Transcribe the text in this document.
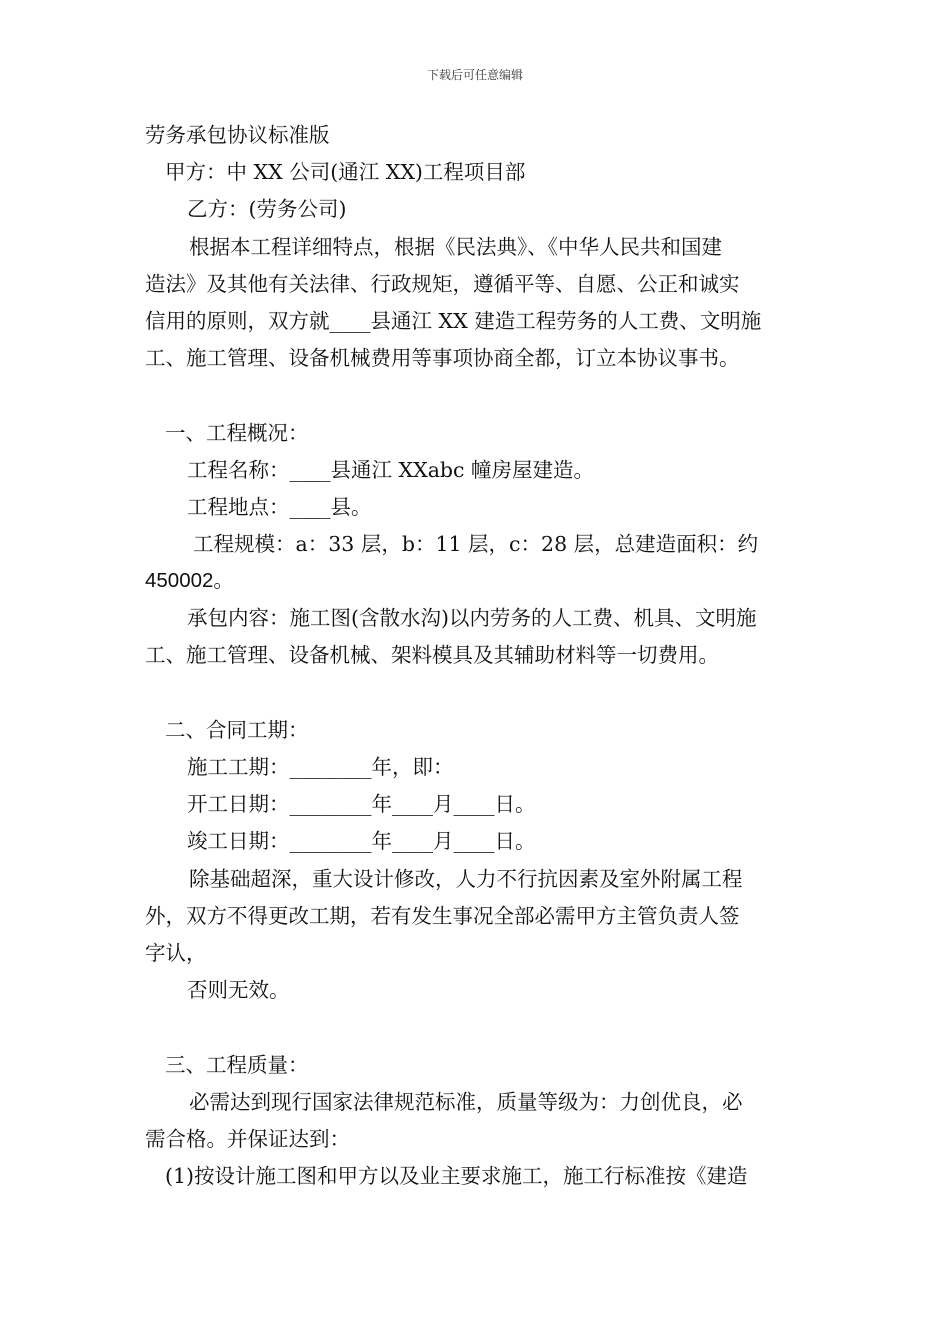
下载后可任意编辑
劳务承包协议标准版
甲方：中 XX 公司(通江 XX)工程项目部
乙方：(劳务公司)
根据本工程详细特点，根据《民法典》、《中华人民共和国建
造法》及其他有关法律、行政规矩，遵循平等、自愿、公正和诚实
信用的原则，双方就____县通江 XX 建造工程劳务的人工费、文明施
工、施工管理、设备机械费用等事项协商全都，订立本协议事书。
一、工程概况：
工程名称：____县通江 XXabc 幢房屋建造。
工程地点：____县。
工程规模：a：33 层，b：11 层，c：28 层，总建造面积：约
450002。
承包内容：施工图(含散水沟)以内劳务的人工费、机具、文明施
工、施工管理、设备机械、架料模具及其辅助材料等一切费用。
二、合同工期：
施工工期：________年，即：
开工日期：________年____月____日。
竣工日期：________年____月____日。
除基础超深，重大设计修改，人力不行抗因素及室外附属工程
外，双方不得更改工期，若有发生事况全部必需甲方主管负责人签
字认，
否则无效。
三、工程质量：
必需达到现行国家法律规范标准，质量等级为：力创优良，必
需合格。并保证达到：
(1)按设计施工图和甲方以及业主要求施工，施工行标准按《建造
